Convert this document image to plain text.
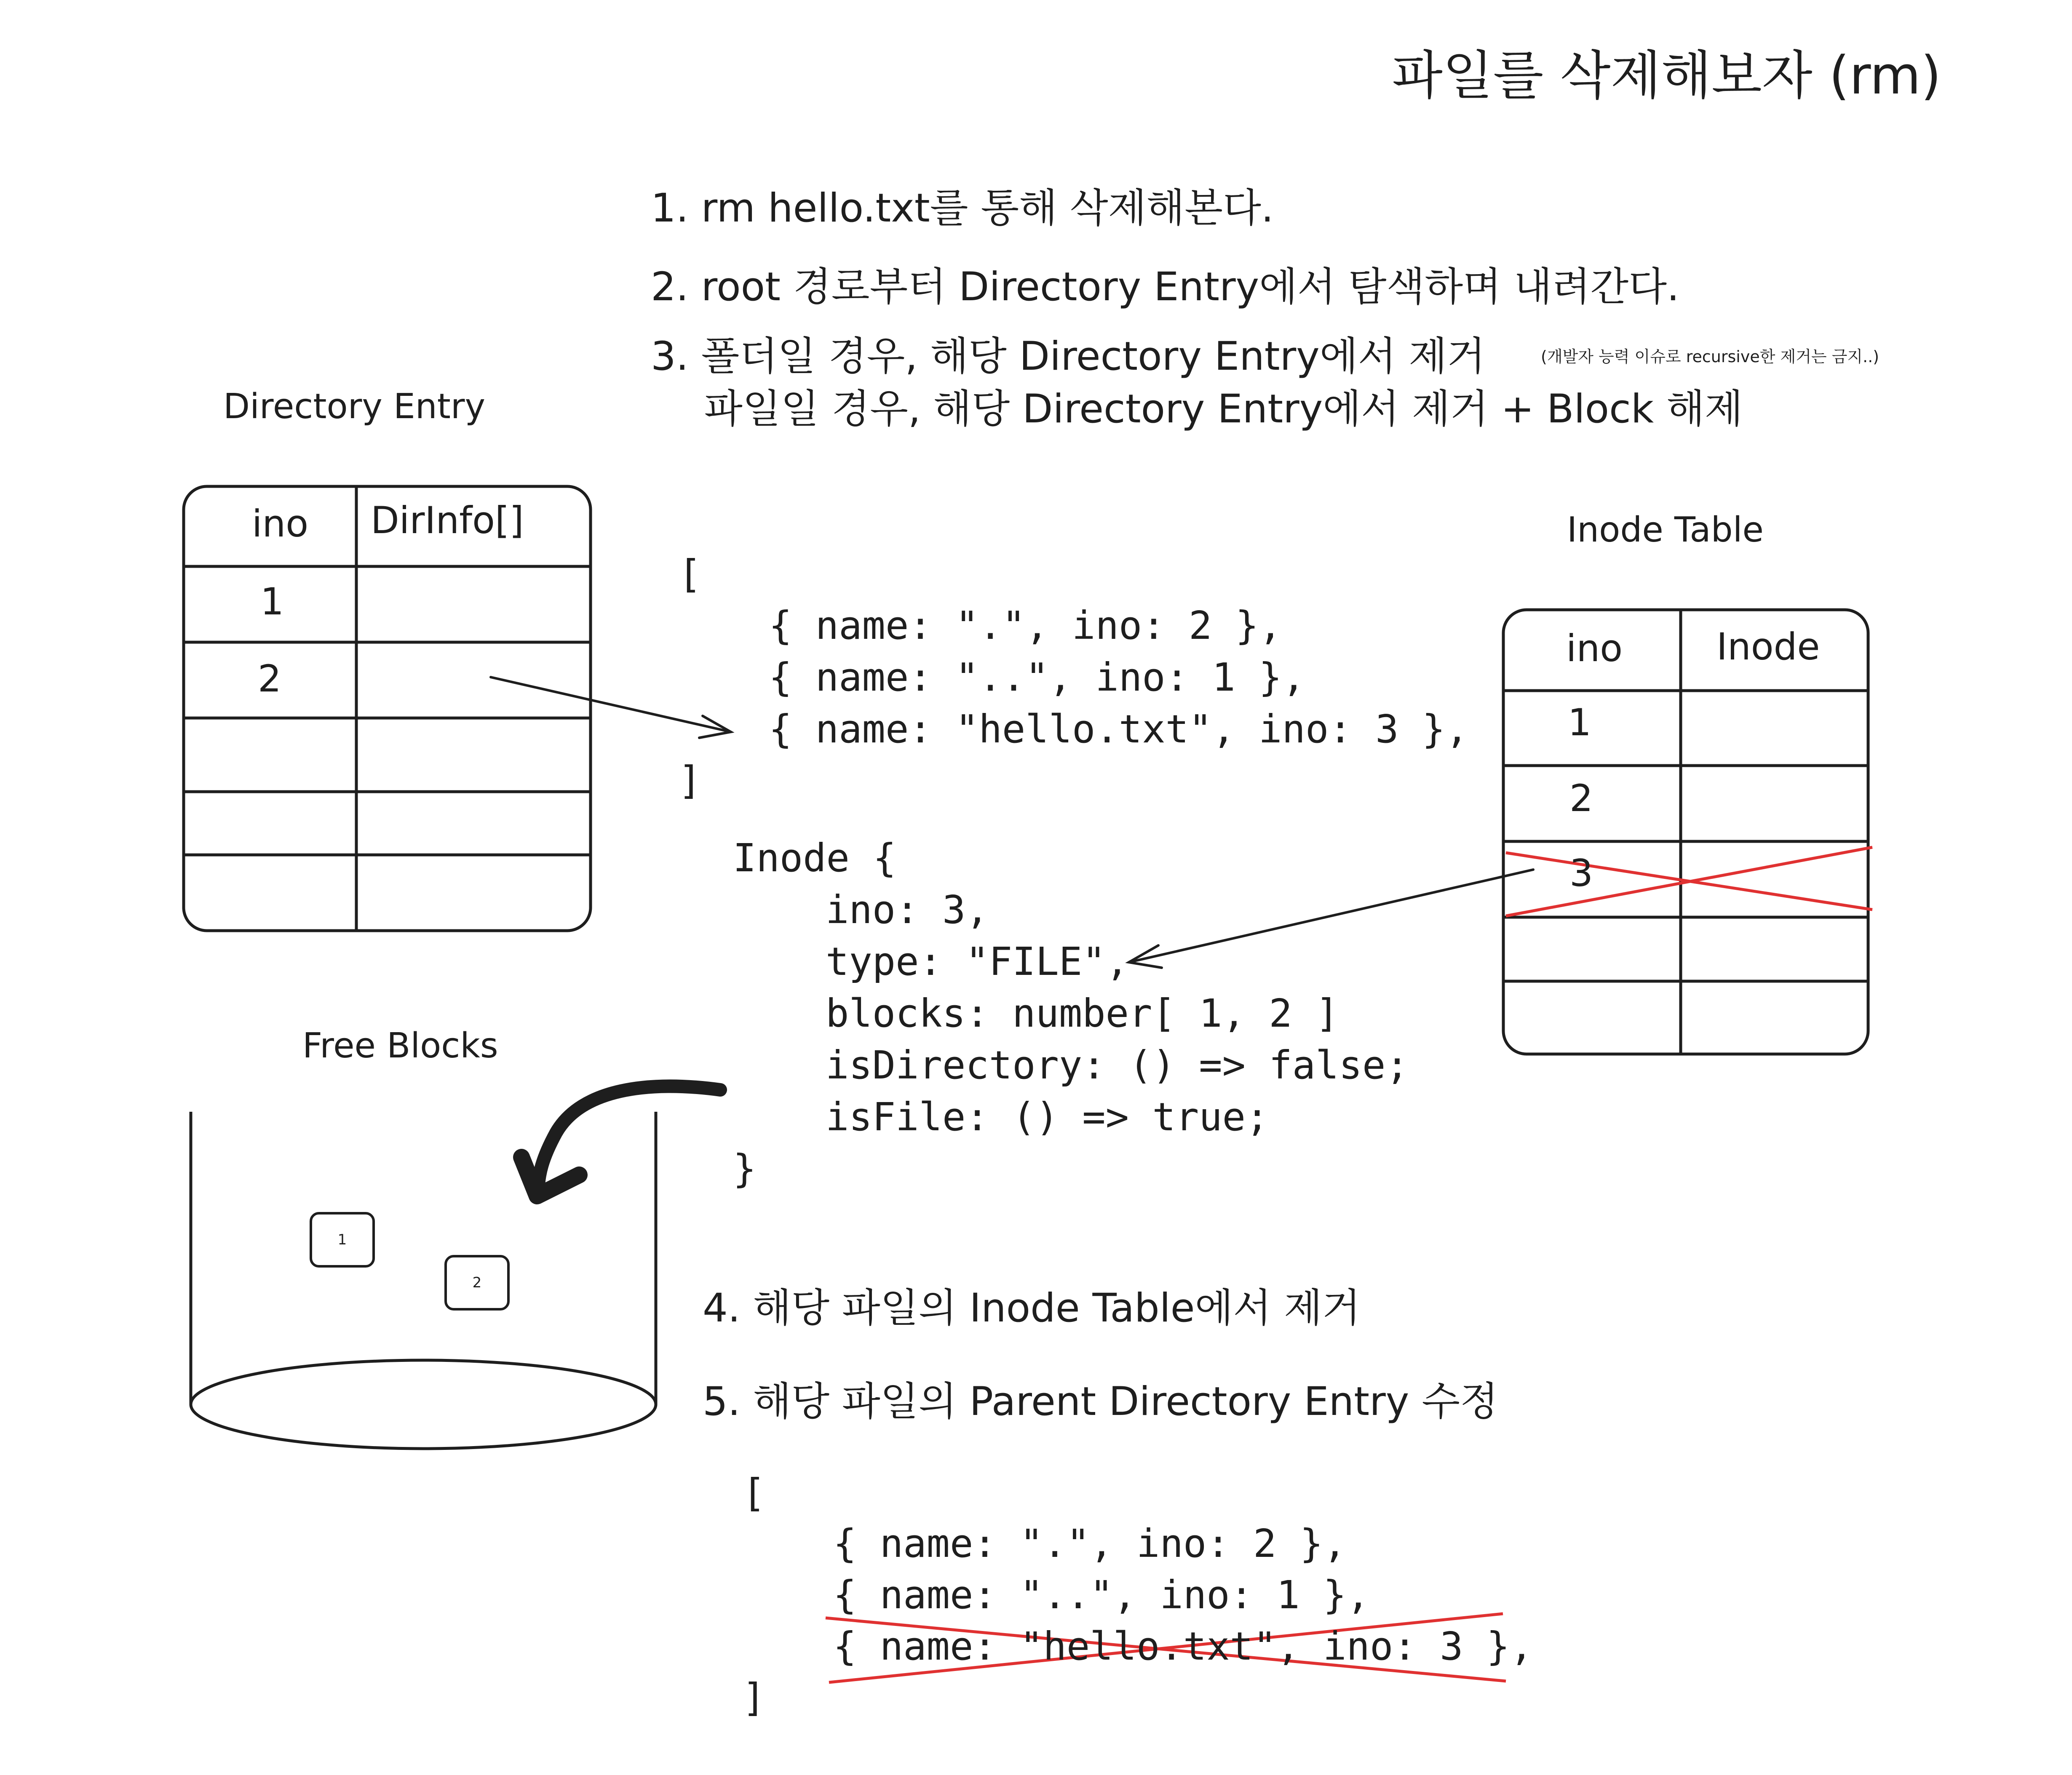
파일를 삭제해보자 (rm)
1. rm hello.txt를 통해 삭제해본다.
2. root 경로부터 Directory Entry에서 탐색하며 내려간다.
3. 폴더일 경우, 해당 Directory Entry에서 제거	(개발자 능력 이슈로 recursive한 제거는 금지..)
파일일 경우, 해당 Directory Entry에서 제거 + Block 해제
4. 해당 파일의 Inode Table에서 제거
5. 해당 파일의 Parent Directory Entry 수정
Directory Entry
ino DirInfo[]
1
2
Inode Table
ino	Inode
1
2
3
[
{ name: ".", ino: 2 },
{ name: "..", ino: 1 },
{ name: "hello.txt", ino: 3 },
]
Inode {
ino: 3,
type: "FILE",
blocks: number[ 1, 2 ]
isDirectory: () => false;
isFile: () => true;
}
Free Blocks
1
2
[
{ name: ".", ino: 2 },
{ name: "..", ino: 1 },
{ name: "hello.txt", ino: 3 },
]
